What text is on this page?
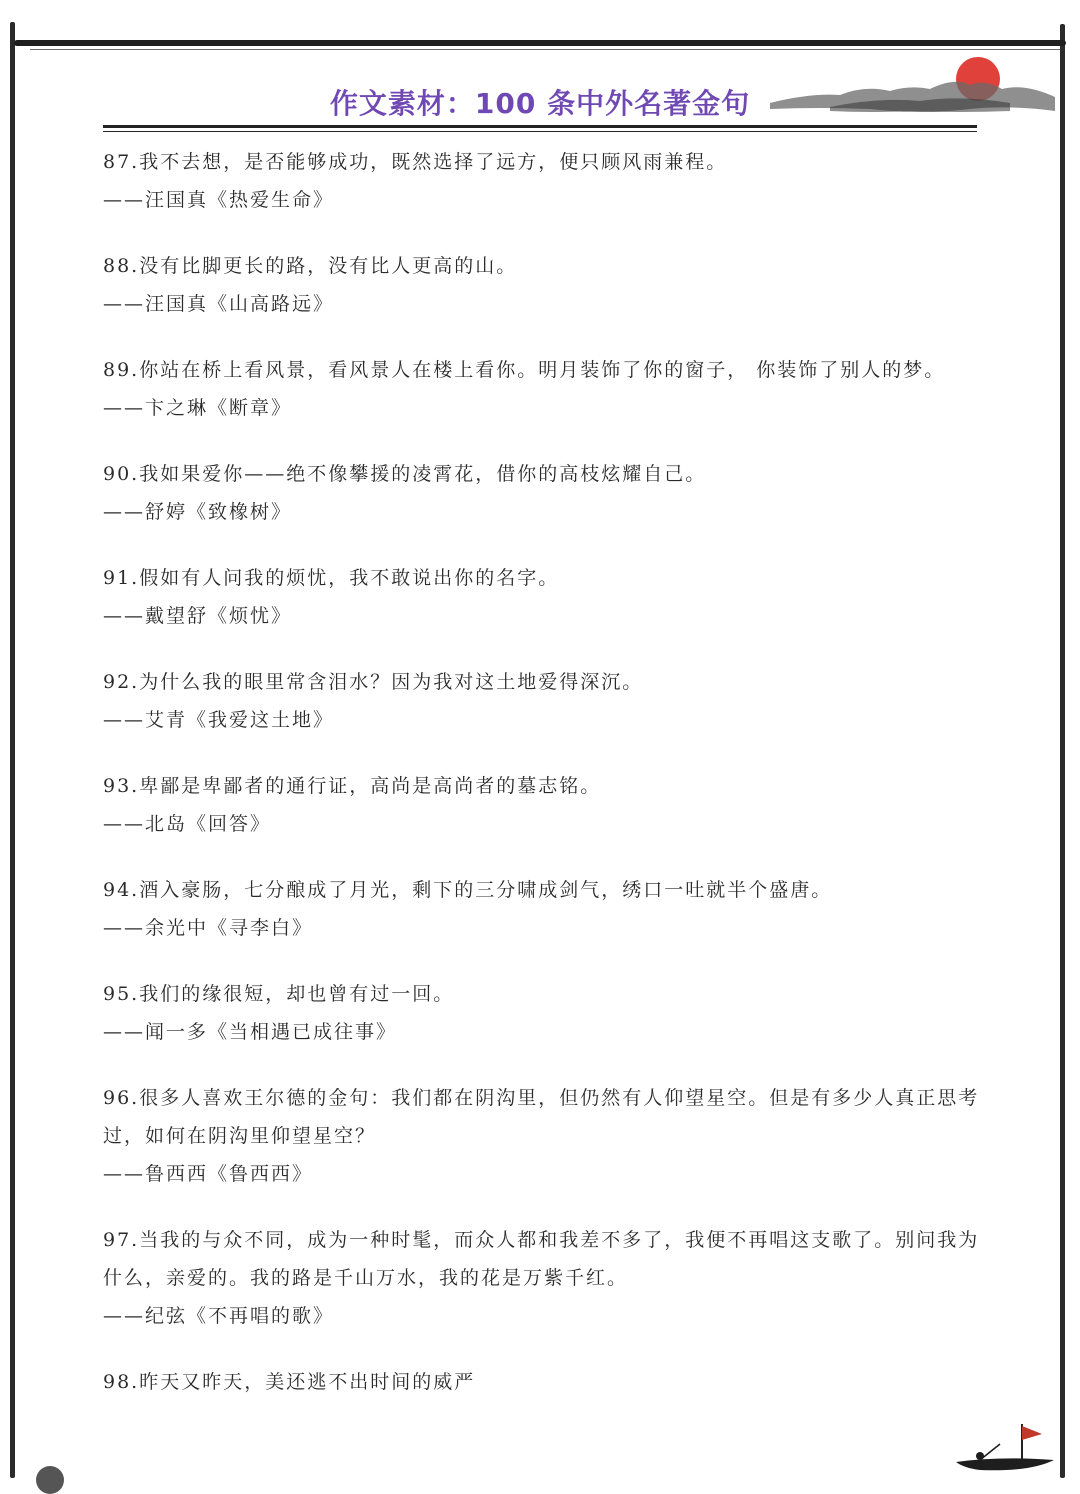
作文素材：100 条中外名著金句

87.我不去想，是否能够成功，既然选择了远方，便只顾风雨兼程。

——汪国真《热爱生命》

88.没有比脚更长的路，没有比人更高的山。

——汪国真《山高路远》

89.你站在桥上看风景，看风景人在楼上看你。明月装饰了你的窗子， 你装饰了别人的梦。

——卞之琳《断章》

90.我如果爱你——绝不像攀援的凌霄花，借你的高枝炫耀自己。

——舒婷《致橡树》

91.假如有人问我的烦忧，我不敢说出你的名字。

——戴望舒《烦忧》

92.为什么我的眼里常含泪水？因为我对这土地爱得深沉。

——艾青《我爱这土地》

93.卑鄙是卑鄙者的通行证，高尚是高尚者的墓志铭。

——北岛《回答》

94.酒入豪肠，七分酿成了月光，剩下的三分啸成剑气，绣口一吐就半个盛唐。

——余光中《寻李白》

95.我们的缘很短，却也曾有过一回。

——闻一多《当相遇已成往事》

96.很多人喜欢王尔德的金句：我们都在阴沟里，但仍然有人仰望星空。但是有多少人真正思考过，如何在阴沟里仰望星空？

——鲁西西《鲁西西》

97.当我的与众不同，成为一种时髦，而众人都和我差不多了，我便不再唱这支歌了。别问我为什么，亲爱的。我的路是千山万水，我的花是万紫千红。

——纪弦《不再唱的歌》

98.昨天又昨天，美还逃不出时间的威严
